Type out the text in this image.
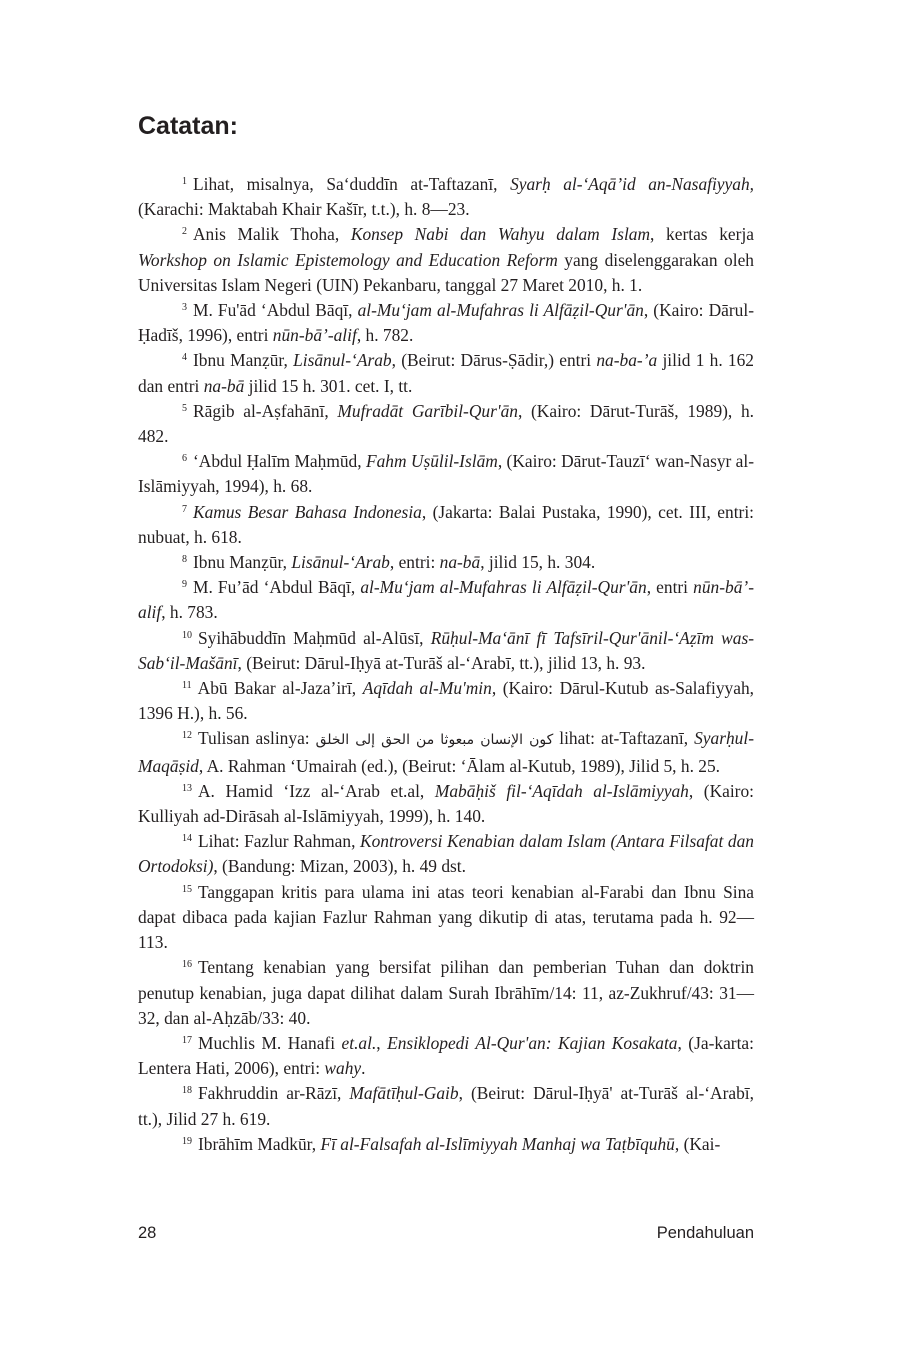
Catatan:

$^1$ Lihat, misalnya, Sa‘duddīn at-Taftazanī, Syarḥ al-‘Aqā’id an-Nasafiyyah, (Karachi: Maktabah Khair Kašīr, t.t.), h. 8—23.

$^2$ Anis Malik Thoha, Konsep Nabi dan Wahyu dalam Islam, kertas kerja Workshop on Islamic Epistemology and Education Reform yang diselenggarakan oleh Universitas Islam Negeri (UIN) Pekanbaru, tanggal 27 Maret 2010, h. 1.

$^3$ M. Fu'ād ‘Abdul Bāqī, al-Mu‘jam al-Mufahras li Alfāẓil-Qur'ān, (Kairo: Dārul-Ḥadīš, 1996), entri nūn-bā’-alif, h. 782.

$^4$ Ibnu Manẓūr, Lisānul-‘Arab, (Beirut: Dārus-Ṣādir,) entri na-ba-’a jilid 1 h. 162 dan entri na-bā jilid 15 h. 301. cet. I, tt.

$^5$ Rāgib al-Aṣfahānī, Mufradāt Garībil-Qur'ān, (Kairo: Dārut-Turāš, 1989), h. 482.

$^6$ ‘Abdul Ḥalīm Maḥmūd, Fahm Uṣūlil-Islām, (Kairo: Dārut-Tauzī‘ wan-Nasyr al-Islāmiyyah, 1994), h. 68.

$^7$ Kamus Besar Bahasa Indonesia, (Jakarta: Balai Pustaka, 1990), cet. III, entri: nubuat, h. 618.

$^8$ Ibnu Manẓūr, Lisānul-‘Arab, entri: na-bā, jilid 15, h. 304.

$^9$ M. Fu’ād ‘Abdul Bāqī, al-Mu‘jam al-Mufahras li Alfāẓil-Qur'ān, entri nūn-bā’-alif, h. 783.

$^{10}$ Syihābuddīn Maḥmūd al-Alūsī, Rūḥul-Ma‘ānī fī Tafsīril-Qur'ānil-‘Aẓīm was-Sab‘il-Mašānī, (Beirut: Dārul-Iḥyā at-Turāš al-‘Arabī, tt.), jilid 13, h. 93.

$^{11}$ Abū Bakar al-Jaza’irī, Aqīdah al-Mu'min, (Kairo: Dārul-Kutub as-Salafiyyah, 1396 H.), h. 56.

$^{12}$ Tulisan aslinya: كون الإنسان مبعوثا من الحق إلى الخلق lihat: at-Taftazanī, Syarḥul-Maqāṣid, A. Rahman ‘Umairah (ed.), (Beirut: ‘Ālam al-Kutub, 1989), Jilid 5, h. 25.

$^{13}$ A. Hamid ‘Izz al-‘Arab et.al, Mabāḥiš fil-‘Aqīdah al-Islāmiyyah, (Kairo: Kulliyah ad-Dirāsah al-Islāmiyyah, 1999), h. 140.

$^{14}$ Lihat: Fazlur Rahman, Kontroversi Kenabian dalam Islam (Antara Filsafat dan Ortodoksi), (Bandung: Mizan, 2003), h. 49 dst.

$^{15}$ Tanggapan kritis para ulama ini atas teori kenabian al-Farabi dan Ibnu Sina dapat dibaca pada kajian Fazlur Rahman yang dikutip di atas, terutama pada h. 92—113.

$^{16}$ Tentang kenabian yang bersifat pilihan dan pemberian Tuhan dan doktrin penutup kenabian, juga dapat dilihat dalam Surah Ibrāhīm/14: 11, az-Zukhruf/43: 31—32, dan al-Aḥzāb/33: 40.

$^{17}$ Muchlis M. Hanafi et.al., Ensiklopedi Al-Qur'an: Kajian Kosakata, (Ja-karta: Lentera Hati, 2006), entri: wahy.

$^{18}$ Fakhruddin ar-Rāzī, Mafātīḥul-Gaib, (Beirut: Dārul-Iḥyā' at-Turāš al-‘Arabī, tt.), Jilid 27 h. 619.

$^{19}$ Ibrāhīm Madkūr, Fī al-Falsafah al-Islīmiyyah Manhaj wa Taṭbīquhū, (Kai-

28	Pendahuluan
